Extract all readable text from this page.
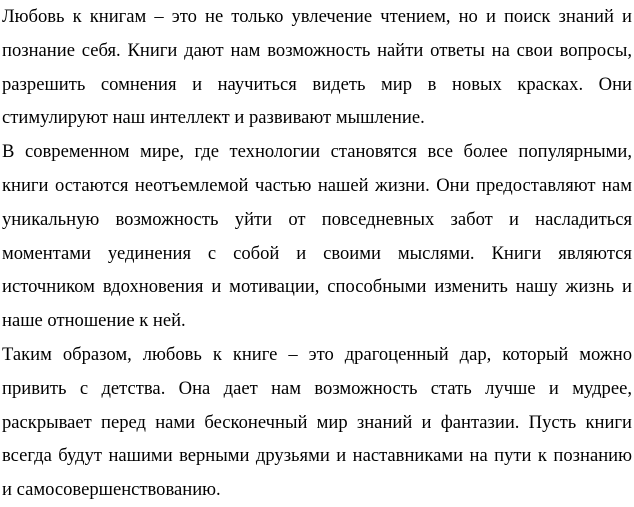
Любовь к книгам – это не только увлечение чтением, но и поиск знаний и
познание себя. Книги дают нам возможность найти ответы на свои вопросы,
разрешить сомнения и научиться видеть мир в новых красках. Они
стимулируют наш интеллект и развивают мышление.
В современном мире, где технологии становятся все более популярными,
книги остаются неотъемлемой частью нашей жизни. Они предоставляют нам
уникальную возможность уйти от повседневных забот и насладиться
моментами уединения с собой и своими мыслями. Книги являются
источником вдохновения и мотивации, способными изменить нашу жизнь и
наше отношение к ней.
Таким образом, любовь к книге – это драгоценный дар, который можно
привить с детства. Она дает нам возможность стать лучше и мудрее,
раскрывает перед нами бесконечный мир знаний и фантазии. Пусть книги
всегда будут нашими верными друзьями и наставниками на пути к познанию
и самосовершенствованию.
